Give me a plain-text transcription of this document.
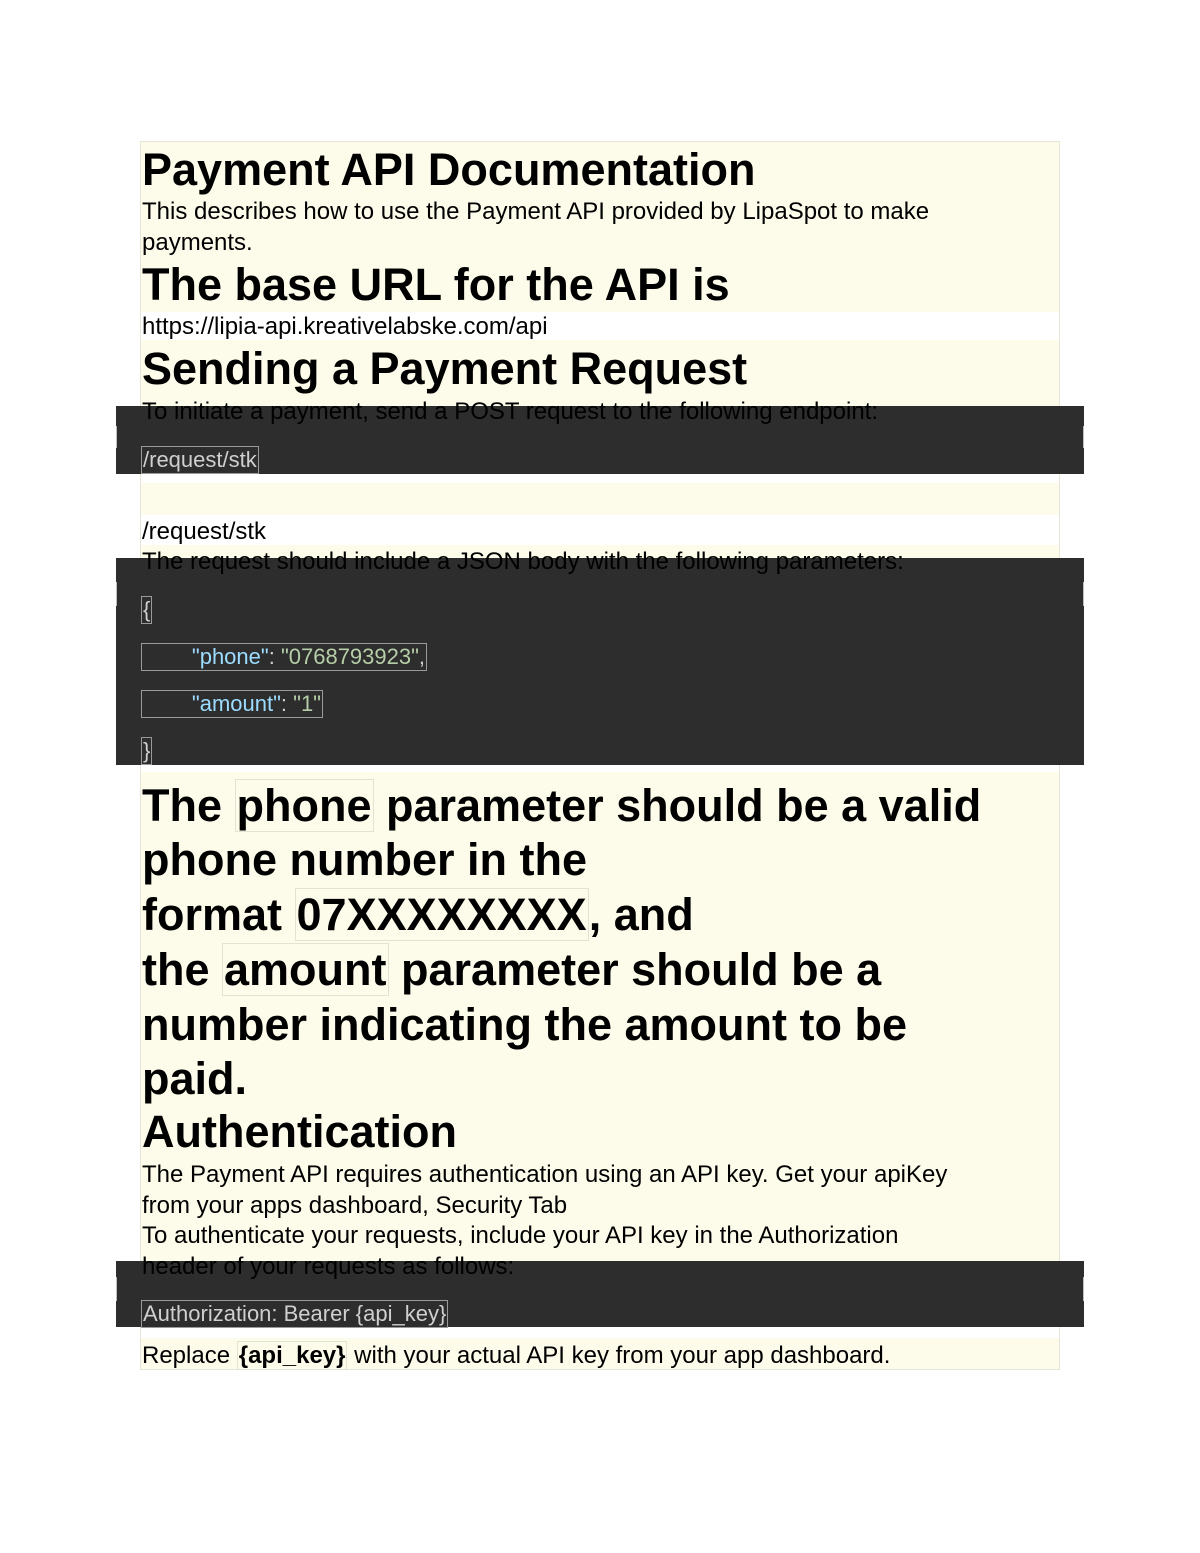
Payment API Documentation
This describes how to use the Payment API provided by LipaSpot to make
payments.
The base URL for the API is
https://lipia-api.kreativelabske.com/api
Sending a Payment Request
To initiate a payment, send a POST request to the following endpoint:
/request/stk
/request/stk
The request should include a JSON body with the following parameters:
{
"phone": "0768793923",
"amount": "1"
}
The phone parameter should be a valid
phone number in the
format 07XXXXXXXX, and
the amount parameter should be a
number indicating the amount to be
paid.
Authentication
The Payment API requires authentication using an API key. Get your apiKey
from your apps dashboard, Security Tab
To authenticate your requests, include your API key in the Authorization
header of your requests as follows:
Authorization: Bearer {api_key}
Replace {api_key} with your actual API key from your app dashboard.
